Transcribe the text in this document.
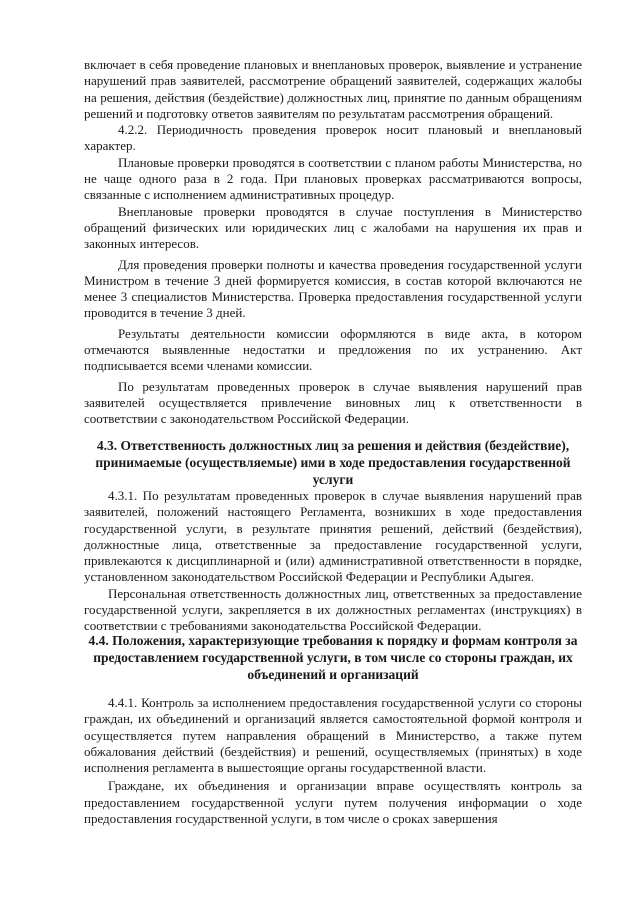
включает в себя проведение плановых и внеплановых проверок, выявление и устранение нарушений прав заявителей, рассмотрение обращений заявителей, содержащих жалобы на решения, действия (бездействие) должностных лиц, принятие по данным обращениям решений и подготовку ответов заявителям по результатам рассмотрения обращений.

4.2.2. Периодичность проведения проверок носит плановый и внеплановый характер.

Плановые проверки проводятся в соответствии с планом работы Министерства, но не чаще одного раза в 2 года. При плановых проверках рассматриваются вопросы, связанные с исполнением административных процедур.

Внеплановые проверки проводятся в случае поступления в Министерство обращений физических или юридических лиц с жалобами на нарушения их прав и законных интересов.

Для проведения проверки полноты и качества проведения государственной услуги Министром в течение 3 дней формируется комиссия, в состав которой включаются не менее 3 специалистов Министерства. Проверка предоставления государственной услуги проводится в течение 3 дней.

Результаты деятельности комиссии оформляются в виде акта, в котором отмечаются выявленные недостатки и предложения по их устранению. Акт подписывается всеми членами комиссии.

По результатам проведенных проверок в случае выявления нарушений прав заявителей осуществляется привлечение виновных лиц к ответственности в соответствии с законодательством Российской Федерации.

4.3. Ответственность должностных лиц за решения и действия (бездействие), принимаемые (осуществляемые) ими в ходе предоставления государственной услуги

4.3.1. По результатам проведенных проверок в случае выявления нарушений прав заявителей, положений настоящего Регламента, возникших в ходе предоставления государственной услуги, в результате принятия решений, действий (бездействия), должностные лица, ответственные за предоставление государственной услуги, привлекаются к дисциплинарной и (или) административной ответственности в порядке, установленном законодательством Российской Федерации и Республики Адыгея.

Персональная ответственность должностных лиц, ответственных за предоставление государственной услуги, закрепляется в их должностных регламентах (инструкциях) в соответствии с требованиями законодательства Российской Федерации.

4.4. Положения, характеризующие требования к порядку и формам контроля за предоставлением государственной услуги, в том числе со стороны граждан, их объединений и организаций

4.4.1. Контроль за исполнением предоставления государственной услуги со стороны граждан, их объединений и организаций является самостоятельной формой контроля и осуществляется путем направления обращений в Министерство, а также путем обжалования действий (бездействия) и решений, осуществляемых (принятых) в ходе исполнения регламента в вышестоящие органы государственной власти.

Граждане, их объединения и организации вправе осуществлять контроль за предоставлением государственной услуги путем получения информации о ходе предоставления государственной услуги, в том числе о сроках завершения
